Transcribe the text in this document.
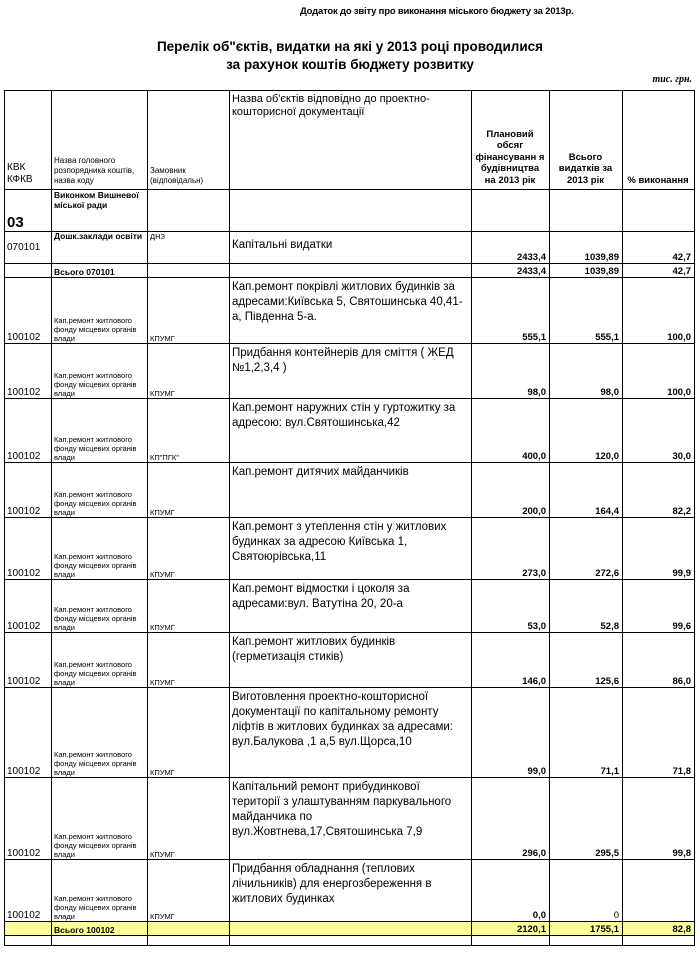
Додаток до звіту про виконання міського бюджету за 2013р.
Перелік об"єктів, видатки на які у 2013 році проводилися
за рахунок коштів бюджету розвитку
тис. грн.
КВК КФКВ	Назва головного розпорядника коштів, назва коду	Замовник (відповідальн)	Назва об'єктів відповідно до проектно-кошторисної документації	Плановий обсяг фінансуванн я будівництва на 2013 рік	Всього видатків за 2013 рік	% виконання
03	Виконком Вишневої міської ради					
070101	Дошк.заклади освіти	ДНЗ	Капітальні видатки	2433,4	1039,89	42,7
	Всього 070101			2433,4	1039,89	42,7
100102	Кап.ремонт житлового фонду місцевих органів влади	КПУМГ	Кап.ремонт покрівлі житлових будинків за адресами:Київська 5, Святошинська 40,41-а, Південна 5-а.	555,1	555,1	100,0
100102	Кап.ремонт житлового фонду місцевих органів влади	КПУМГ	Придбання контейнерів для сміття ( ЖЕД №1,2,3,4 )	98,0	98,0	100,0
100102	Кап.ремонт житлового фонду місцевих органів влади	КП"ПГК"	Кап.ремонт наружних стін у гуртожитку за адресою: вул.Святошинська,42	400,0	120,0	30,0
100102	Кап.ремонт житлового фонду місцевих органів влади	КПУМГ	Кап.ремонт дитячих майданчиків	200,0	164,4	82,2
100102	Кап.ремонт житлового фонду місцевих органів влади	КПУМГ	Кап.ремонт з утеплення стін у житлових будинках за адресою Київська 1, Святоюрівська,11	273,0	272,6	99,9
100102	Кап.ремонт житлового фонду місцевих органів влади	КПУМГ	Кап.ремонт відмостки і цоколя за адресами:вул. Ватутіна 20, 20-а	53,0	52,8	99,6
100102	Кап.ремонт житлового фонду місцевих органів влади	КПУМГ	Кап.ремонт житлових будинків (герметизація стиків)	146,0	125,6	86,0
100102	Кап.ремонт житлового фонду місцевих органів влади	КПУМГ	Виготовлення проектно-кошторисної документації по капітальному ремонту ліфтів в житлових будинках за адресами: вул.Балукова ,1 а,5 вул.Щорса,10	99,0	71,1	71,8
100102	Кап.ремонт житлового фонду місцевих органів влади	КПУМГ	Капітальний ремонт прибудинкової території з улаштуванням паркувального майданчика по вул.Жовтнева,17,Святошинська 7,9	296,0	295,5	99,8
100102	Кап.ремонт житлового фонду місцевих органів влади	КПУМГ	Придбання обладнання (теплових лічильників) для енергозбереження в житлових будинках	0,0	0	
	Всього 100102			2120,1	1755,1	82,8
